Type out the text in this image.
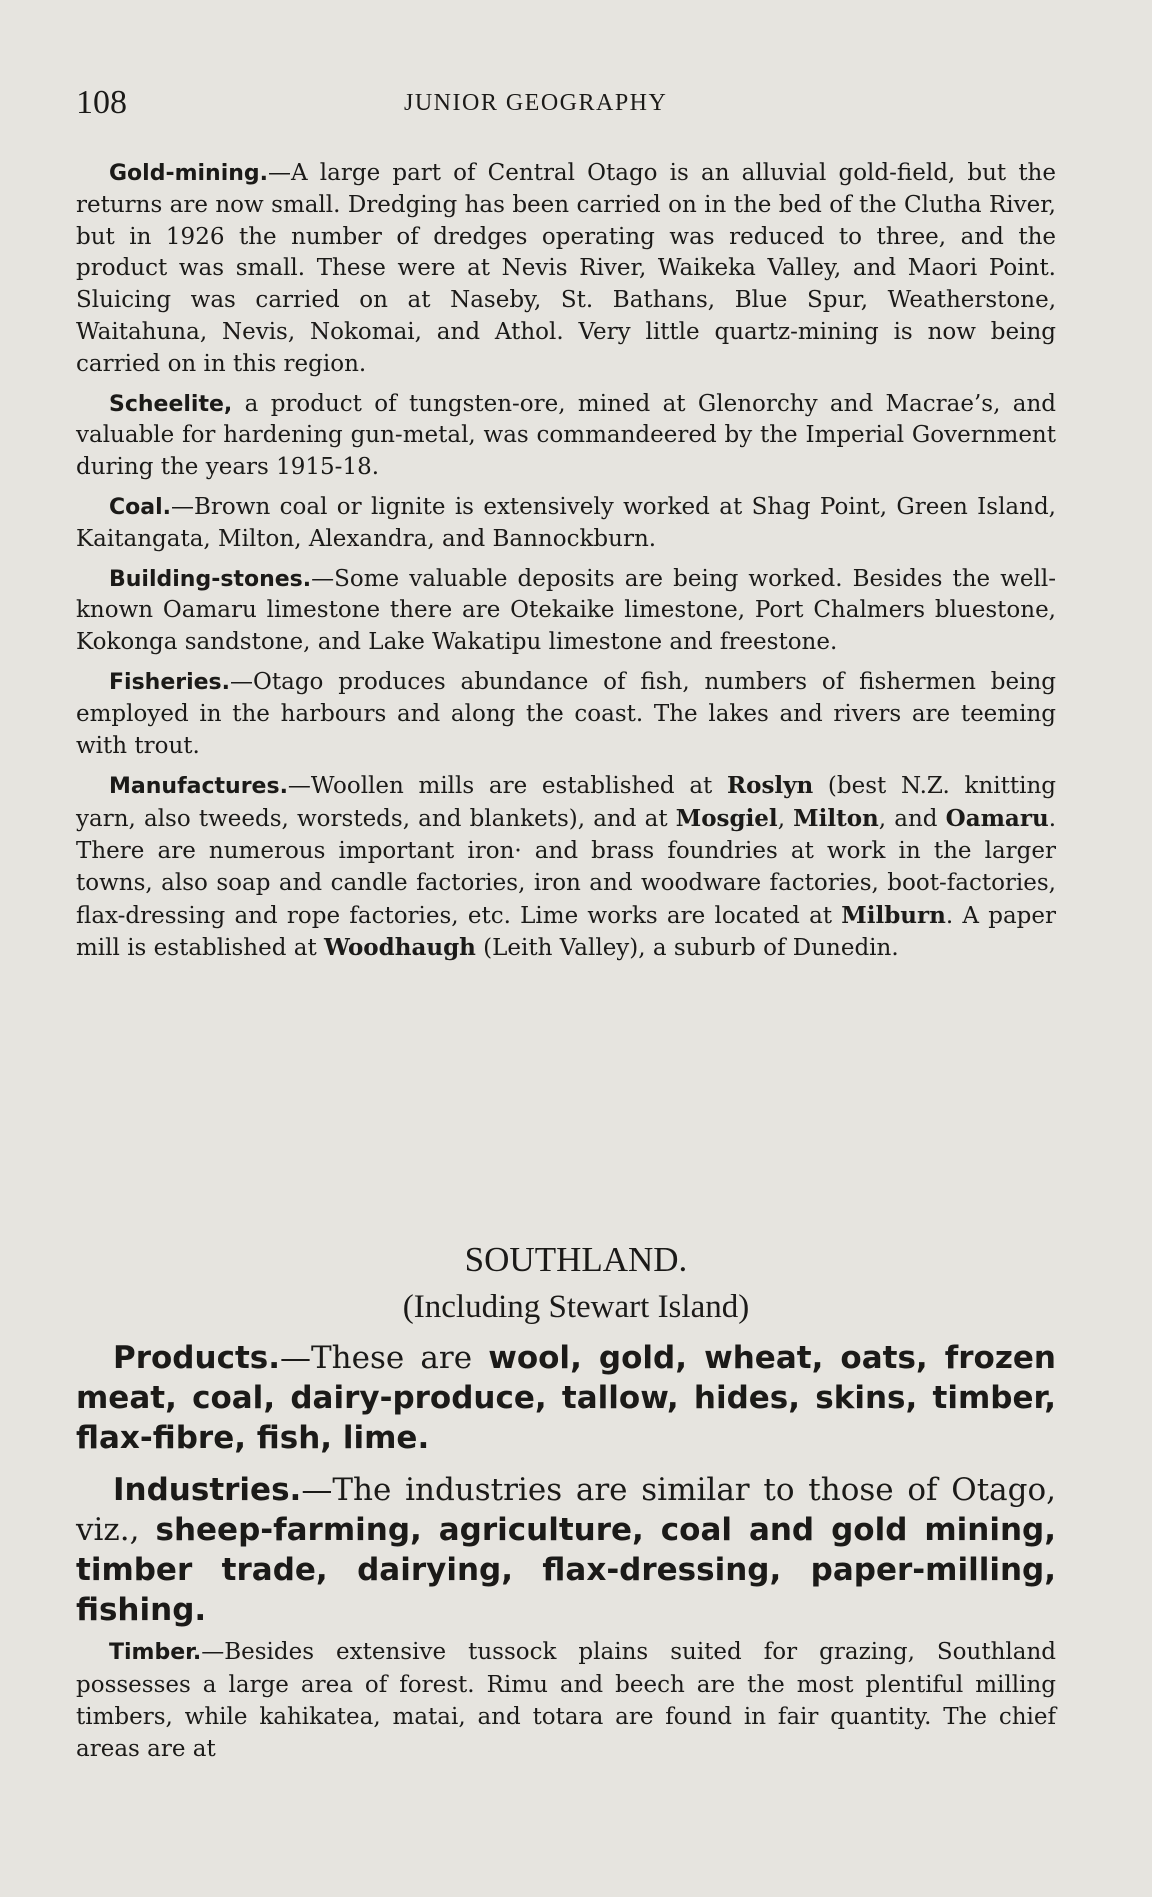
108	JUNIOR GEOGRAPHY

Gold-mining.—A large part of Central Otago is an alluvial gold-field, but the returns are now small. Dredging has been carried on in the bed of the Clutha River, but in 1926 the number of dredges operating was reduced to three, and the product was small. These were at Nevis River, Waikeka Valley, and Maori Point. Sluicing was carried on at Naseby, St. Bathans, Blue Spur, Weatherstone, Waitahuna, Nevis, Nokomai, and Athol. Very little quartz-mining is now being carried on in this region.

Scheelite, a product of tungsten-ore, mined at Glenorchy and Macrae’s, and valuable for hardening gun-metal, was commandeered by the Imperial Government during the years 1915-18.

Coal.—Brown coal or lignite is extensively worked at Shag Point, Green Island, Kaitangata, Milton, Alexandra, and Bannockburn.

Building-stones.—Some valuable deposits are being worked. Besides the well-known Oamaru limestone there are Otekaike limestone, Port Chalmers bluestone, Kokonga sandstone, and Lake Wakatipu limestone and freestone.

Fisheries.—Otago produces abundance of fish, numbers of fishermen being employed in the harbours and along the coast. The lakes and rivers are teeming with trout.

Manufactures.—Woollen mills are established at Roslyn (best N.Z. knitting yarn, also tweeds, worsteds, and blankets), and at Mosgiel, Milton, and Oamaru. There are numerous important iron· and brass foundries at work in the larger towns, also soap and candle factories, iron and woodware factories, boot-factories, flax-dressing and rope factories, etc. Lime works are located at Milburn. A paper mill is established at Woodhaugh (Leith Valley), a suburb of Dunedin.

SOUTHLAND.
(Including Stewart Island)

Products.—These are wool, gold, wheat, oats, frozen meat, coal, dairy-produce, tallow, hides, skins, timber, flax-fibre, fish, lime.

Industries.—The industries are similar to those of Otago, viz., sheep-farming, agriculture, coal and gold mining, timber trade, dairying, flax-dressing, paper-milling, fishing.

Timber.—Besides extensive tussock plains suited for grazing, Southland possesses a large area of forest. Rimu and beech are the most plentiful milling timbers, while kahikatea, matai, and totara are found in fair quantity. The chief areas are at
